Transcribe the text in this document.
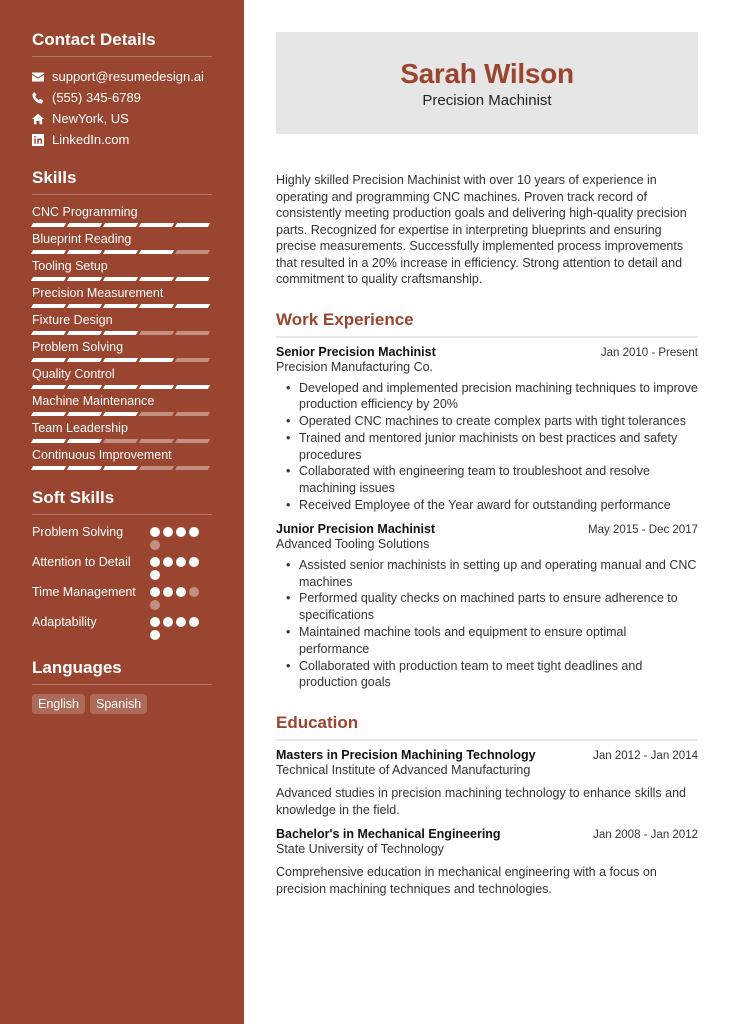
Contact Details
support@resumedesign.ai
(555) 345-6789
NewYork, US
LinkedIn.com
Skills
CNC Programming
Blueprint Reading
Tooling Setup
Precision Measurement
Fixture Design
Problem Solving
Quality Control
Machine Maintenance
Team Leadership
Continuous Improvement
Soft Skills
Problem Solving
Attention to Detail
Time Management
Adaptability
Languages
English	Spanish
Sarah Wilson
Precision Machinist

Highly skilled Precision Machinist with over 10 years of experience in operating and programming CNC machines. Proven track record of consistently meeting production goals and delivering high-quality precision parts. Recognized for expertise in interpreting blueprints and ensuring precise measurements. Successfully implemented process improvements that resulted in a 20% increase in efficiency. Strong attention to detail and commitment to quality craftsmanship.

Work Experience
Senior Precision Machinist	Jan 2010 - Present
Precision Manufacturing Co.
• Developed and implemented precision machining techniques to improve production efficiency by 20%
• Operated CNC machines to create complex parts with tight tolerances
• Trained and mentored junior machinists on best practices and safety procedures
• Collaborated with engineering team to troubleshoot and resolve machining issues
• Received Employee of the Year award for outstanding performance
Junior Precision Machinist	May 2015 - Dec 2017
Advanced Tooling Solutions
• Assisted senior machinists in setting up and operating manual and CNC machines
• Performed quality checks on machined parts to ensure adherence to specifications
• Maintained machine tools and equipment to ensure optimal performance
• Collaborated with production team to meet tight deadlines and production goals
Education
Masters in Precision Machining Technology	Jan 2012 - Jan 2014
Technical Institute of Advanced Manufacturing

Advanced studies in precision machining technology to enhance skills and knowledge in the field.

Bachelor's in Mechanical Engineering	Jan 2008 - Jan 2012
State University of Technology

Comprehensive education in mechanical engineering with a focus on precision machining techniques and technologies.
